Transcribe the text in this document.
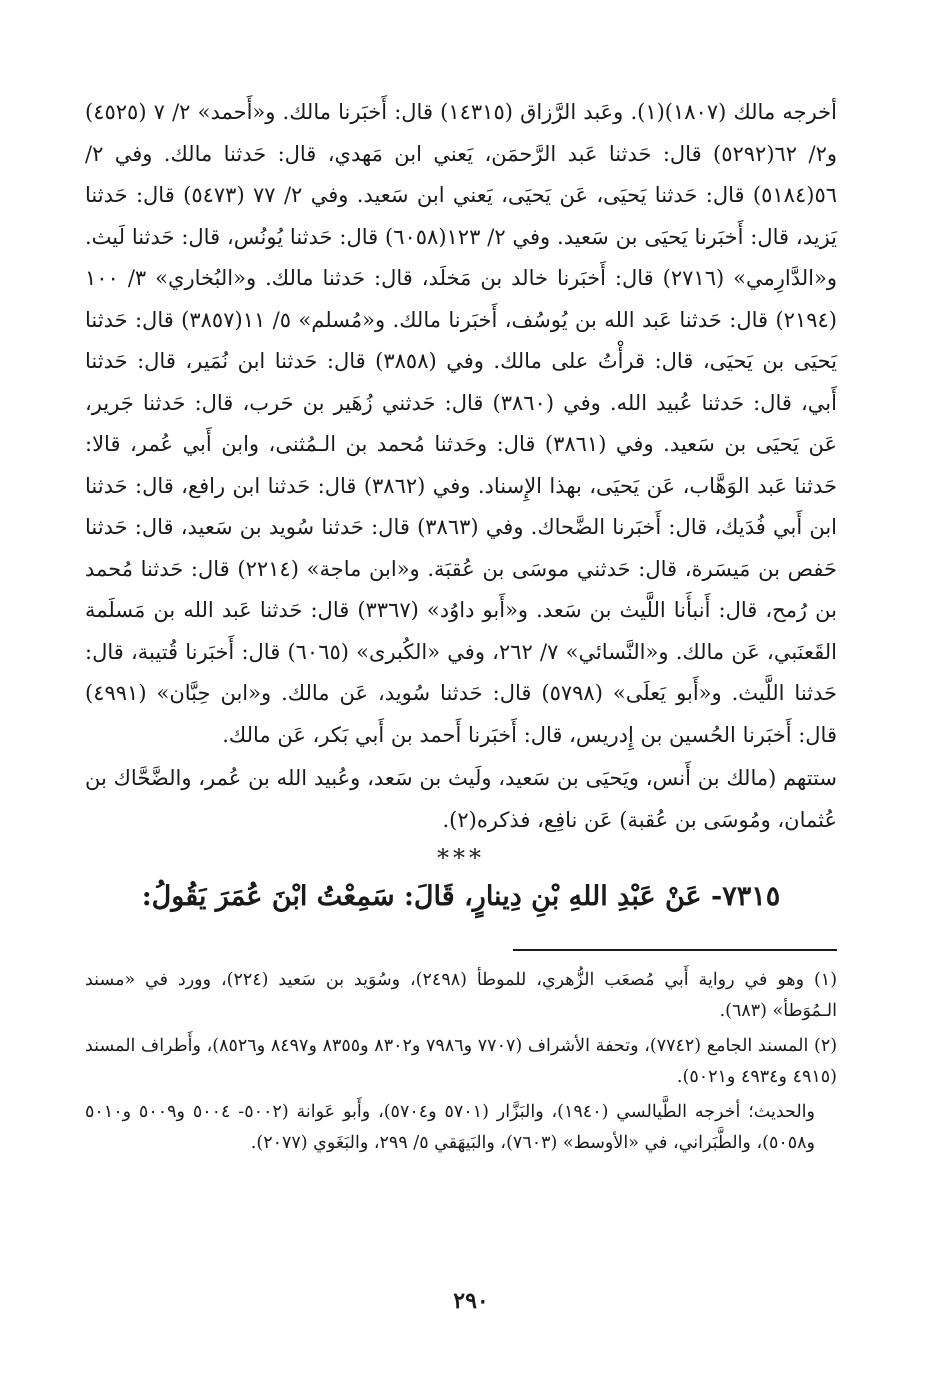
أخرجه مالك (١٨٠٧)(١). وعَبد الرَّزاق (١٤٣١٥) قال: أَخبَرنا مالك. و«أَحمد» ٢/ ٧ (٤٥٢٥) و٢/ ٦٢(٥٢٩٢) قال: حَدثنا عَبد الرَّحمَن، يَعني ابن مَهدي، قال: حَدثنا مالك. وفي ٢/ ٥٦(٥١٨٤) قال: حَدثنا يَحيَى، عَن يَحيَى، يَعني ابن سَعيد. وفي ٢/ ٧٧ (٥٤٧٣) قال: حَدثنا يَزيد، قال: أَخبَرنا يَحيَى بن سَعيد. وفي ٢/ ١٢٣(٦٠٥٨) قال: حَدثنا يُونُس، قال: حَدثنا لَيث. و«الدَّارِمي» (٢٧١٦) قال: أَخبَرنا خالد بن مَخلَد، قال: حَدثنا مالك. و«البُخاري» ٣/ ١٠٠ (٢١٩٤) قال: حَدثنا عَبد الله بن يُوسُف، أَخبَرنا مالك. و«مُسلم» ٥/ ١١(٣٨٥٧) قال: حَدثنا يَحيَى بن يَحيَى، قال: قرأْتُ على مالك. وفي (٣٨٥٨) قال: حَدثنا ابن نُمَير، قال: حَدثنا أَبي، قال: حَدثنا عُبيد الله. وفي (٣٨٦٠) قال: حَدثني زُهَير بن حَرب، قال: حَدثنا جَرير، عَن يَحيَى بن سَعيد. وفي (٣٨٦١) قال: وحَدثنا مُحمد بن الـمُثنى، وابن أَبي عُمر، قالا: حَدثنا عَبد الوَهَّاب، عَن يَحيَى، بهذا الإِسناد. وفي (٣٨٦٢) قال: حَدثنا ابن رافع، قال: حَدثنا ابن أَبي فُدَيك، قال: أَخبَرنا الضَّحاك. وفي (٣٨٦٣) قال: حَدثنا سُويد بن سَعيد، قال: حَدثنا حَفص بن مَيسَرة، قال: حَدثني موسَى بن عُقبَة. و«ابن ماجة» (٢٢١٤) قال: حَدثنا مُحمد بن رُمح، قال: أَنبأَنا اللَّيث بن سَعد. و«أَبو داوُد» (٣٣٦٧) قال: حَدثنا عَبد الله بن مَسلَمة القَعنَبي، عَن مالك. و«النَّسائي» ٧/ ٢٦٢، وفي «الكُبرى» (٦٠٦٥) قال: أَخبَرنا قُتيبة، قال: حَدثنا اللَّيث. و«أَبو يَعلَى» (٥٧٩٨) قال: حَدثنا سُويد، عَن مالك. و«ابن حِبَّان» (٤٩٩١) قال: أَخبَرنا الحُسين بن إِدريس، قال: أَخبَرنا أَحمد بن أَبي بَكر، عَن مالك.

ستتهم (مالك بن أَنس، ويَحيَى بن سَعيد، ولَيث بن سَعد، وعُبيد الله بن عُمر، والضَّحَّاك بن عُثمان، ومُوسَى بن عُقبة) عَن نافِع، فذكره(٢).

***
٧٣١٥- عَنْ عَبْدِ اللهِ بْنِ دِينارٍ، قَالَ: سَمِعْتُ ابْنَ عُمَرَ يَقُولُ:

(١) وهو في رواية أَبي مُصعَب الزُّهري، للموطأ (٢٤٩٨)، وسُوَيد بن سَعيد (٢٢٤)، وورد في «مسند الـمُوَطأ» (٦٨٣).

(٢) المسند الجامع (٧٧٤٢)، وتحفة الأشراف (٧٧٠٧ و٧٩٨٦ و٨٣٠٢ و٨٣٥٥ و٨٤٩٧ و٨٥٢٦)، وأَطراف المسند (٤٩١٥ و٤٩٣٤ و٥٠٢١).

والحديث؛ أخرجه الطَّيالسي (١٩٤٠)، والبَزَّار (٥٧٠١ و٥٧٠٤)، وأَبو عَوانة (٥٠٠٢- ٥٠٠٤ و٥٠٠٩ و٥٠١٠ و٥٠٥٨)، والطَّبَراني، في «الأوسط» (٧٦٠٣)، والبَيهَقي ٥/ ٢٩٩، والبَغَوي (٢٠٧٧).

٢٩٠
